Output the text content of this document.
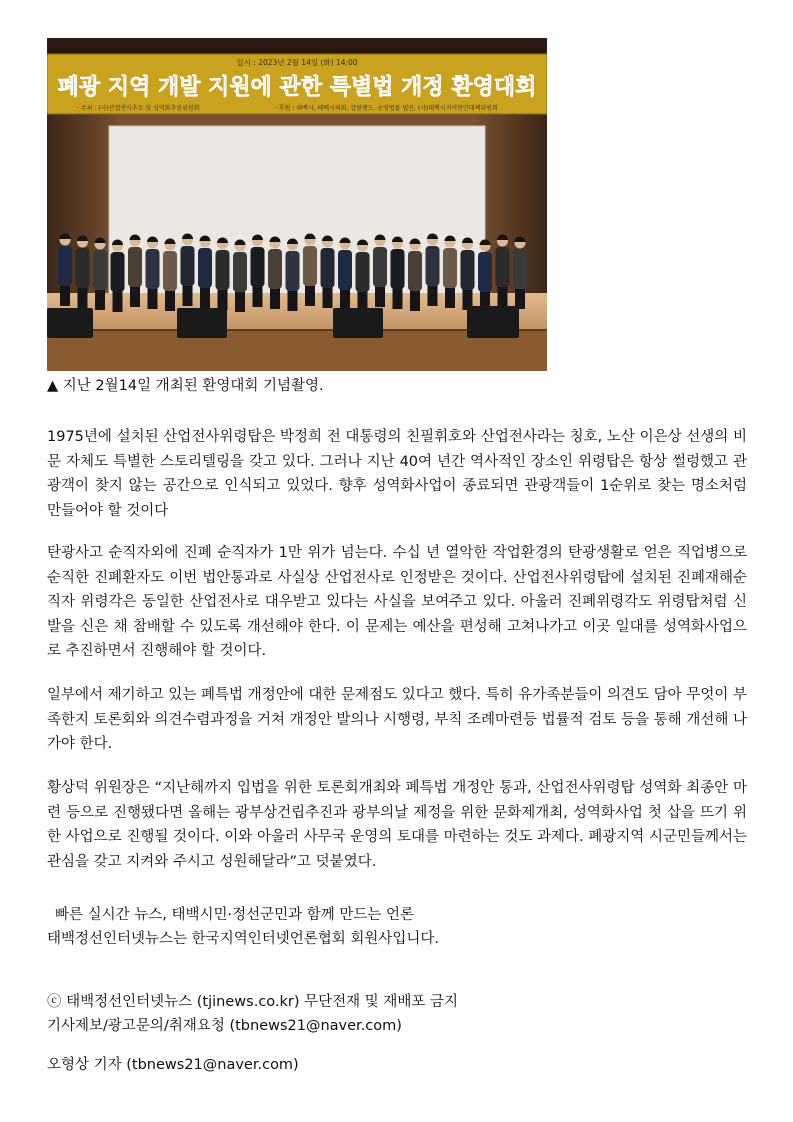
일시 : 2023년 2월 14일 (화) 14:00
폐광 지역 개발 지원에 관한 특별법 개정 환영대회
· 주최 : (사)산업전사추모 및 성역화추진위원회	· 후원 : 태백시, 태백시의회, 강원랜드, 공영법률 법인, (사)태백시지역현안대책위원회
▲ 지난 2월14일 개최된 환영대회 기념촬영.

1975년에 설치된 산업전사위령탑은 박정희 전 대통령의 친필휘호와 산업전사라는 칭호, 노산 이은상 선생의 비문 자체도 특별한 스토리텔링을 갖고 있다. 그러나 지난 40여 년간 역사적인 장소인 위령탑은 항상 썰렁했고 관광객이 찾지 않는 공간으로 인식되고 있었다. 향후 성역화사업이 종료되면 관광객들이 1순위로 찾는 명소처럼 만들어야 할 것이다

탄광사고 순직자외에 진폐 순직자가 1만 위가 넘는다. 수십 년 열악한 작업환경의 탄광생활로 얻은 직업병으로 순직한 진폐환자도 이번 법안통과로 사실상 산업전사로 인정받은 것이다. 산업전사위령탑에 설치된 진폐재해순직자 위령각은 동일한 산업전사로 대우받고 있다는 사실을 보여주고 있다. 아울러 진폐위령각도 위령탑처럼 신발을 신은 채 참배할 수 있도록 개선해야 한다. 이 문제는 예산을 편성해 고쳐나가고 이곳 일대를 성역화사업으로 추진하면서 진행해야 할 것이다.

일부에서 제기하고 있는 폐특법 개정안에 대한 문제점도 있다고 했다. 특히 유가족분들이 의견도 담아 무엇이 부족한지 토론회와 의견수렴과정을 거쳐 개정안 발의나 시행령, 부칙 조례마련등 법률적 검토 등을 통해 개선해 나가야 한다.

황상덕 위원장은 “지난해까지 입법을 위한 토론회개최와 폐특법 개정안 통과, 산업전사위령탑 성역화 최종안 마련 등으로 진행됐다면 올해는 광부상건립추진과 광부의날 제정을 위한 문화제개최, 성역화사업 첫 삽을 뜨기 위한 사업으로 진행될 것이다. 이와 아울러 사무국 운영의 토대를 마련하는 것도 과제다. 폐광지역 시군민들께서는 관심을 갖고 지켜와 주시고 성원해달라”고 덧붙였다.

빠른 실시간 뉴스, 태백시민·정선군민과 함께 만드는 언론
태백정선인터넷뉴스는 한국지역인터넷언론협회 회원사입니다.
ⓒ 태백정선인터넷뉴스 (tjinews.co.kr) 무단전재 및 재배포 금지
기사제보/광고문의/취재요청 (tbnews21@naver.com)
오형상 기자 (tbnews21@naver.com)
